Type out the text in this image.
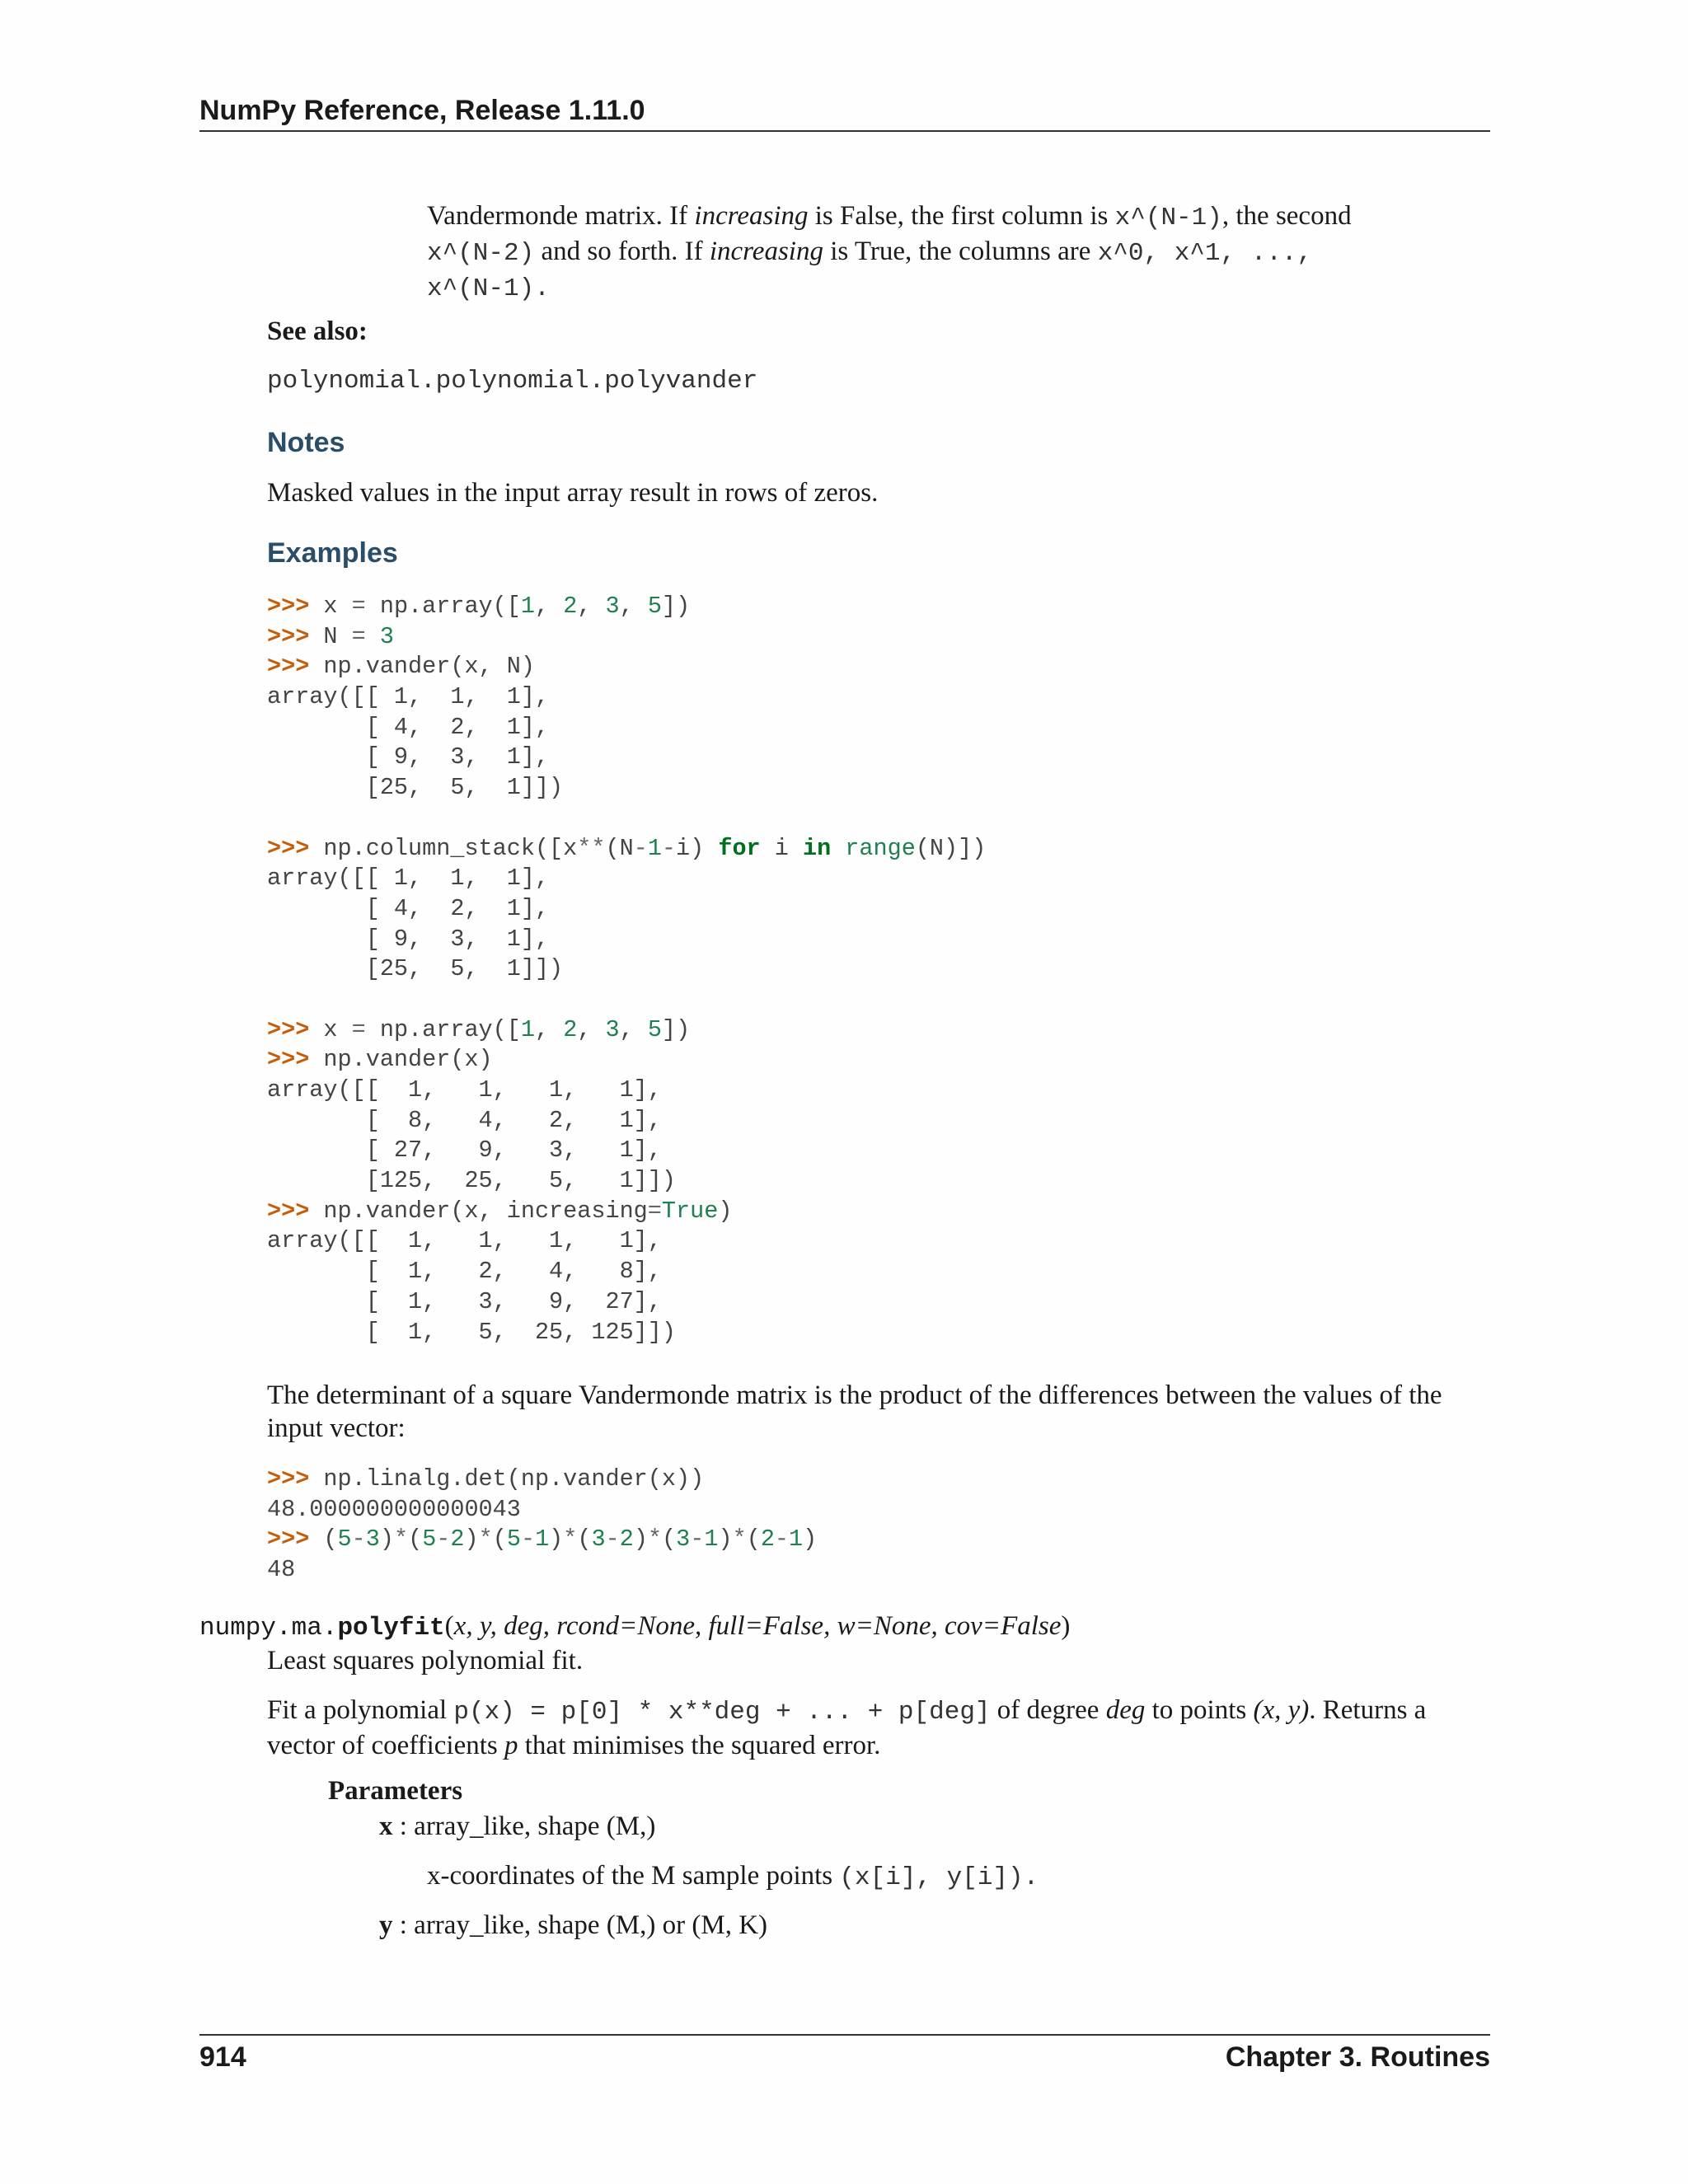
NumPy Reference, Release 1.11.0
Vandermonde matrix. If increasing is False, the first column is x^(N-1), the second
x^(N-2) and so forth. If increasing is True, the columns are x^0, x^1, ...,
x^(N-1).
See also:
polynomial.polynomial.polyvander
Notes
Masked values in the input array result in rows of zeros.
Examples
>>> x = np.array([1, 2, 3, 5])
>>> N = 3
>>> np.vander(x, N)
array([[ 1,  1,  1],
[ 4,  2,  1],
[ 9,  3,  1],
[25,  5,  1]])
>>> np.column_stack([x**(N-1-i) for i in range(N)])
array([[ 1,  1,  1],
[ 4,  2,  1],
[ 9,  3,  1],
[25,  5,  1]])
>>> x = np.array([1, 2, 3, 5])
>>> np.vander(x)
array([[  1,   1,   1,   1],
[  8,   4,   2,   1],
[ 27,   9,   3,   1],
[125,  25,   5,   1]])
>>> np.vander(x, increasing=True)
array([[  1,   1,   1,   1],
[  1,   2,   4,   8],
[  1,   3,   9,  27],
[  1,   5,  25, 125]])
The determinant of a square Vandermonde matrix is the product of the differences between the values of the
input vector:
>>> np.linalg.det(np.vander(x))
48.000000000000043
>>> (5-3)*(5-2)*(5-1)*(3-2)*(3-1)*(2-1)
48
numpy.ma.polyfit(x, y, deg, rcond=None, full=False, w=None, cov=False)
Least squares polynomial fit.
Fit a polynomial p(x) = p[0] * x**deg + ... + p[deg] of degree deg to points (x, y). Returns a
vector of coefficients p that minimises the squared error.
Parameters
x : array_like, shape (M,)
x-coordinates of the M sample points (x[i], y[i]).
y : array_like, shape (M,) or (M, K)
914	Chapter 3. Routines
